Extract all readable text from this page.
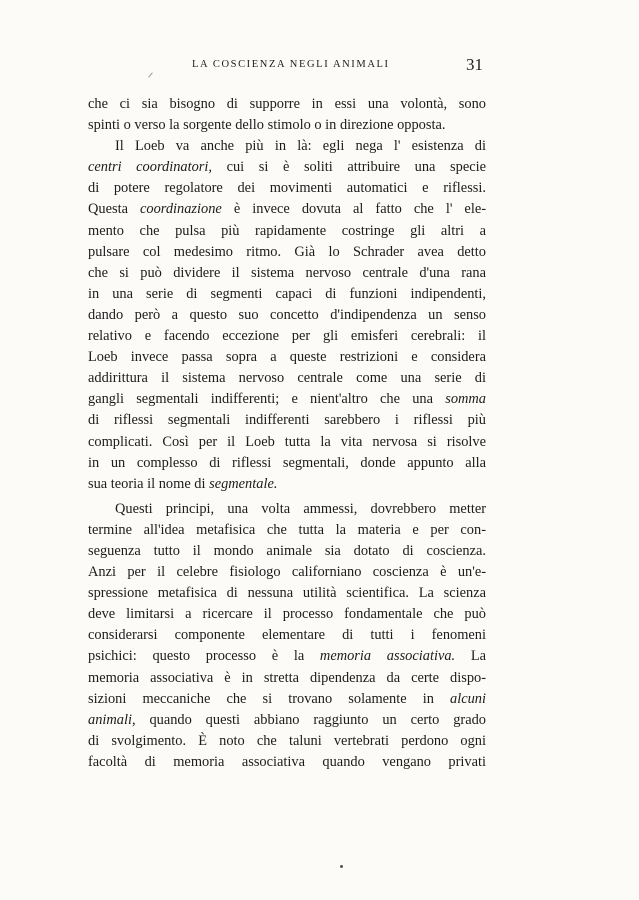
LA COSCIENZA NEGLI ANIMALI	31
che ci sia bisogno di supporre in essi una volontà, sono
spinti o verso la sorgente dello stimolo o in direzione opposta.
Il Loeb va anche più in là: egli nega l' esistenza di
centri coordinatori, cui si è soliti attribuire una specie
di potere regolatore dei movimenti automatici e riflessi.
Questa coordinazione è invece dovuta al fatto che l' ele-
mento che pulsa più rapidamente costringe gli altri a
pulsare col medesimo ritmo. Già lo Schrader avea detto
che si può dividere il sistema nervoso centrale d'una rana
in una serie di segmenti capaci di funzioni indipendenti,
dando però a questo suo concetto d'indipendenza un senso
relativo e facendo eccezione per gli emisferi cerebrali: il
Loeb invece passa sopra a queste restrizioni e considera
addirittura il sistema nervoso centrale come una serie di
gangli segmentali indifferenti; e nient'altro che una somma
di riflessi segmentali indifferenti sarebbero i riflessi più
complicati. Così per il Loeb tutta la vita nervosa si risolve
in un complesso di riflessi segmentali, donde appunto alla
sua teoria il nome di segmentale.
Questi principi, una volta ammessi, dovrebbero metter
termine all'idea metafisica che tutta la materia e per con-
seguenza tutto il mondo animale sia dotato di coscienza.
Anzi per il celebre fisiologo californiano coscienza è un'e-
spressione metafisica di nessuna utilità scientifica. La scienza
deve limitarsi a ricercare il processo fondamentale che può
considerarsi componente elementare di tutti i fenomeni
psichici: questo processo è la memoria associativa. La
memoria associativa è in stretta dipendenza da certe dispo-
sizioni meccaniche che si trovano solamente in alcuni
animali, quando questi abbiano raggiunto un certo grado
di svolgimento. È noto che taluni vertebrati perdono ogni
facoltà di memoria associativa quando vengano privati
